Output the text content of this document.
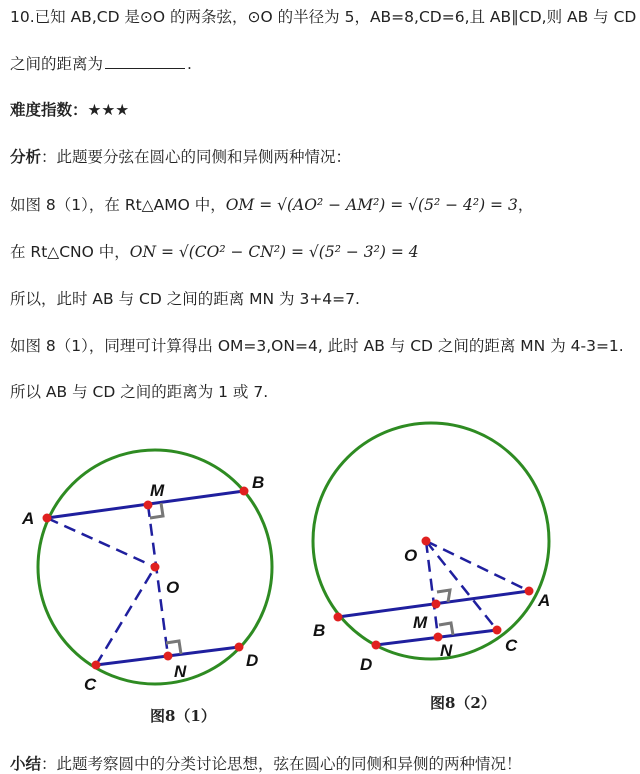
10.已知 AB,CD 是⊙O 的两条弦，⊙O 的半径为 5，AB=8,CD=6,且 AB∥CD,则 AB 与 CD
之间的距离为	.
难度指数：★★★
分析：此题要分弦在圆心的同侧和异侧两种情况：
如图 8（1），在 Rt△AMO 中，OM = √(AO² − AM²) = √(5² − 4²) = 3，
在 Rt△CNO 中，ON = √(CO² − CN²) = √(5² − 3²) = 4
所以，此时 AB 与 CD 之间的距离 MN 为 3+4=7.
如图 8（1），同理可计算得出 OM=3,ON=4, 此时 AB 与 CD 之间的距离 MN 为 4-3=1.
所以 AB 与 CD 之间的距离为 1 或 7.
A
B
M
O
C
N
D
O
A
B	M
C
N
D
图8（1）
图8（2）
小结：此题考察圆中的分类讨论思想，弦在圆心的同侧和异侧的两种情况！
